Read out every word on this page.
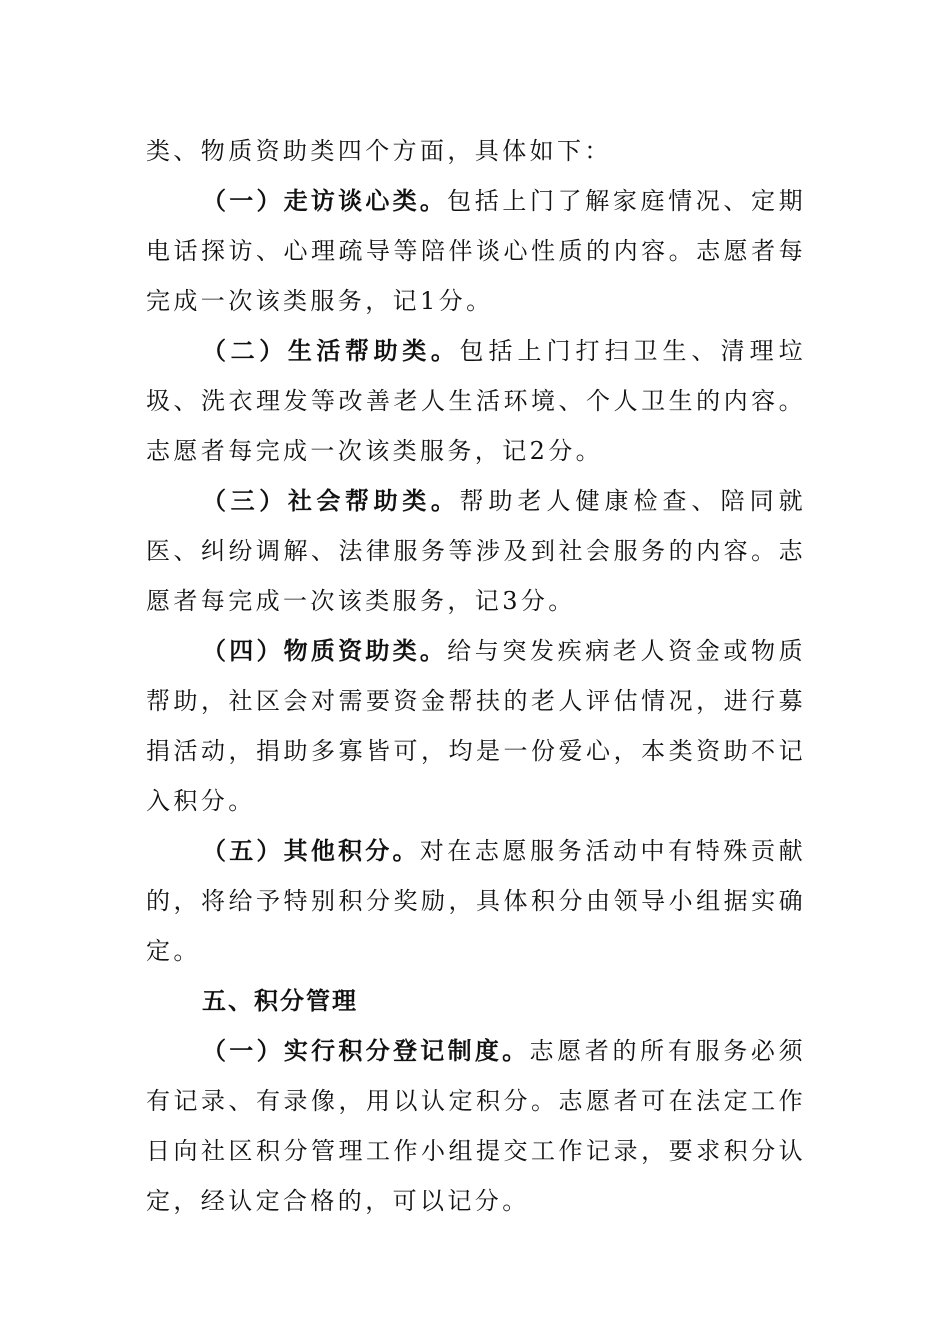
类、物质资助类四个方面，具体如下：

（一）走访谈心类。包括上门了解家庭情况、定期电话探访、心理疏导等陪伴谈心性质的内容。志愿者每完成一次该类服务，记1分。

（二）生活帮助类。包括上门打扫卫生、清理垃圾、洗衣理发等改善老人生活环境、个人卫生的内容。志愿者每完成一次该类服务，记2分。

（三）社会帮助类。帮助老人健康检查、陪同就医、纠纷调解、法律服务等涉及到社会服务的内容。志愿者每完成一次该类服务，记3分。

（四）物质资助类。给与突发疾病老人资金或物质帮助，社区会对需要资金帮扶的老人评估情况，进行募捐活动，捐助多寡皆可，均是一份爱心，本类资助不记入积分。

（五）其他积分。对在志愿服务活动中有特殊贡献的，将给予特别积分奖励，具体积分由领导小组据实确定。

五、积分管理

（一）实行积分登记制度。志愿者的所有服务必须有记录、有录像，用以认定积分。志愿者可在法定工作日向社区积分管理工作小组提交工作记录，要求积分认定，经认定合格的，可以记分。
